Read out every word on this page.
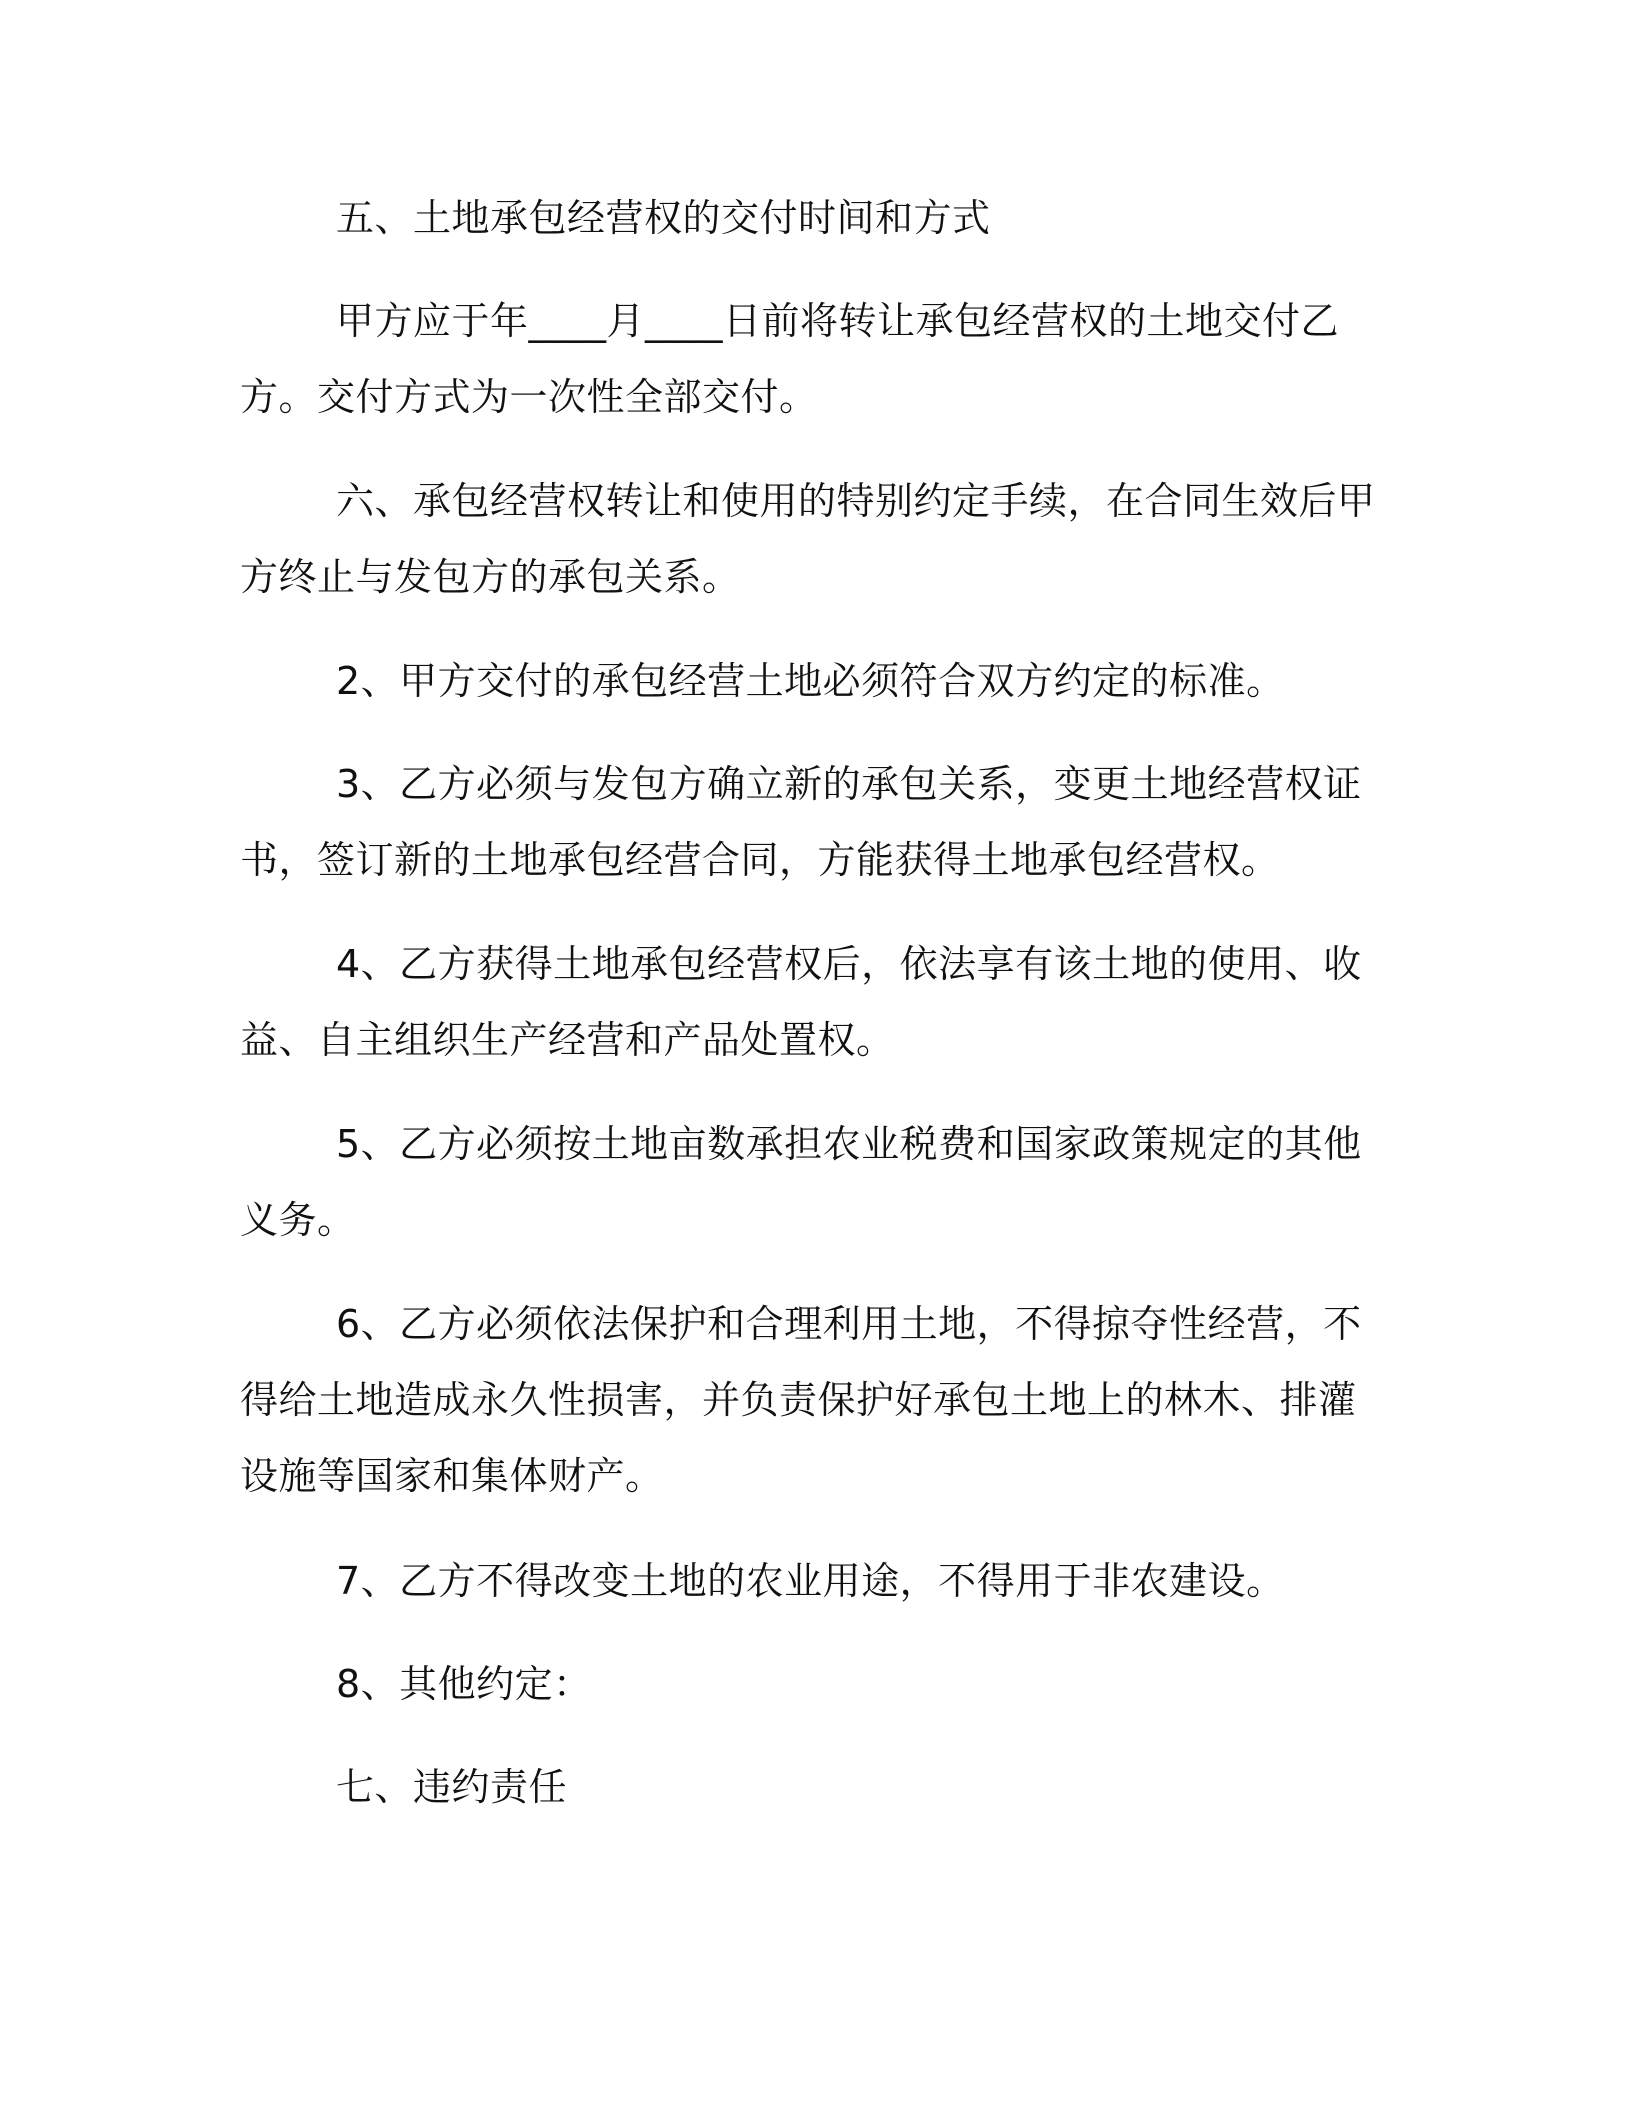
五、土地承包经营权的交付时间和方式

甲方应于年____月____日前将转让承包经营权的土地交付乙方。交付方式为一次性全部交付。

六、承包经营权转让和使用的特别约定手续，在合同生效后甲方终止与发包方的承包关系。

2、甲方交付的承包经营土地必须符合双方约定的标准。

3、乙方必须与发包方确立新的承包关系，变更土地经营权证书，签订新的土地承包经营合同，方能获得土地承包经营权。

4、乙方获得土地承包经营权后，依法享有该土地的使用、收益、自主组织生产经营和产品处置权。

5、乙方必须按土地亩数承担农业税费和国家政策规定的其他义务。

6、乙方必须依法保护和合理利用土地，不得掠夺性经营，不得给土地造成永久性损害，并负责保护好承包土地上的林木、排灌设施等国家和集体财产。

7、乙方不得改变土地的农业用途，不得用于非农建设。

8、其他约定：

七、违约责任
